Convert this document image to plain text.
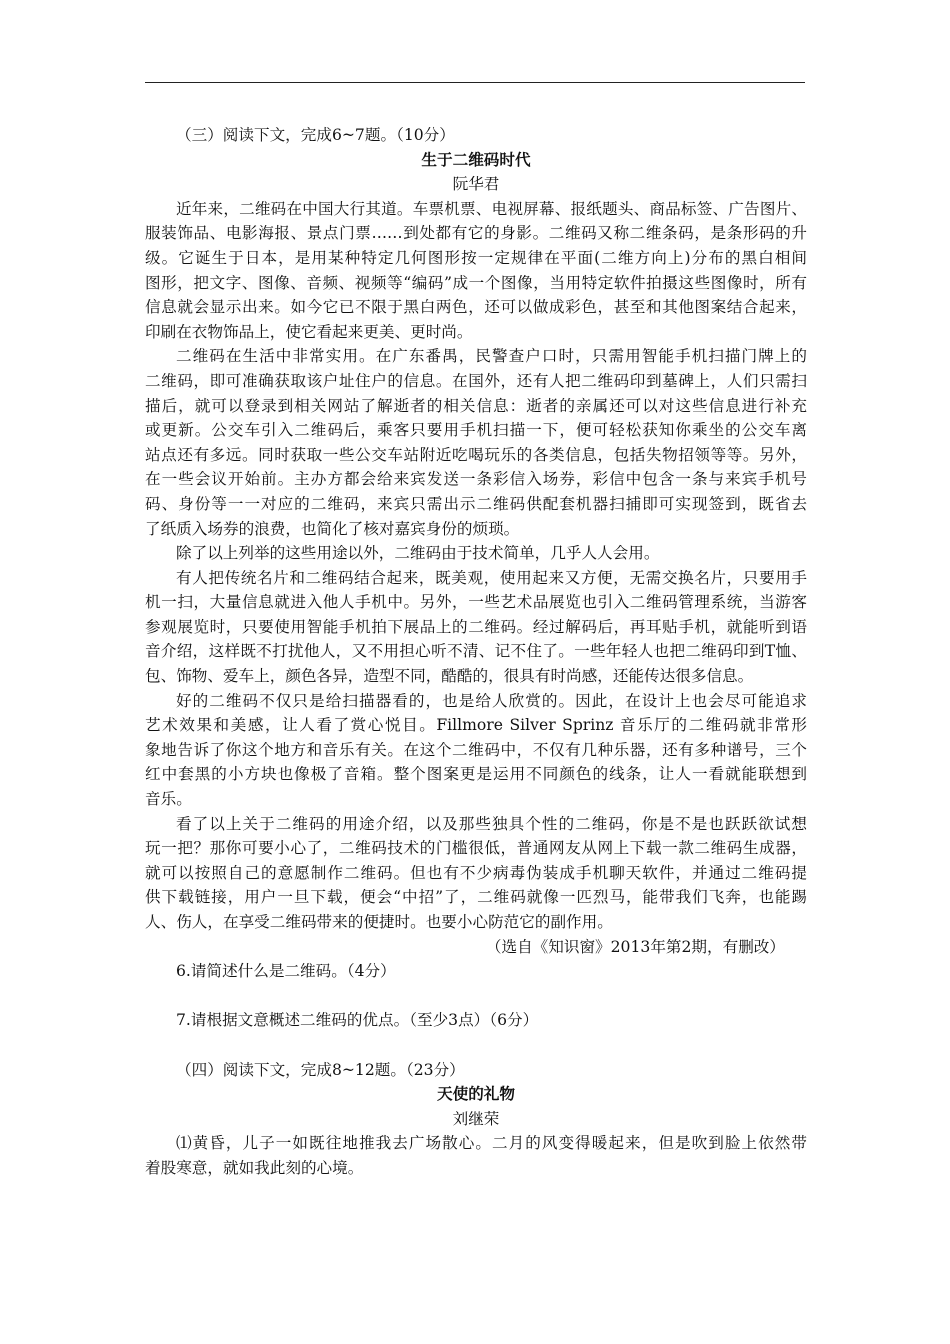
（三）阅读下文，完成6~7题。（10分）
生于二维码时代
阮华君
近年来，二维码在中国大行其道。车票机票、电视屏幕、报纸题头、商品标签、广告图片、
服装饰品、电影海报、景点门票……到处都有它的身影。二维码又称二维条码，是条形码的升
级。它诞生于日本，是用某种特定几何图形按一定规律在平面(二维方向上)分布的黑白相间
图形，把文字、图像、音频、视频等“编码”成一个图像，当用特定软件拍摄这些图像时，所有
信息就会显示出来。如今它已不限于黑白两色，还可以做成彩色，甚至和其他图案结合起来，
印刷在衣物饰品上，使它看起来更美、更时尚。
二维码在生活中非常实用。在广东番禺，民警查户口时，只需用智能手机扫描门牌上的
二维码，即可准确获取该户址住户的信息。在国外，还有人把二维码印到墓碑上，人们只需扫
描后，就可以登录到相关网站了解逝者的相关信息：逝者的亲属还可以对这些信息进行补充
或更新。公交车引入二维码后，乘客只要用手机扫描一下，便可轻松获知你乘坐的公交车离
站点还有多远。同时获取一些公交车站附近吃喝玩乐的各类信息，包括失物招领等等。另外，
在一些会议开始前。主办方都会给来宾发送一条彩信入场券，彩信中包含一条与来宾手机号
码、身份等一一对应的二维码，来宾只需出示二维码供配套机器扫捕即可实现签到，既省去
了纸质入场券的浪费，也简化了核对嘉宾身份的烦琐。
除了以上列举的这些用途以外，二维码由于技术简单，几乎人人会用。
有人把传统名片和二维码结合起来，既美观，使用起来又方便，无需交换名片，只要用手
机一扫，大量信息就进入他人手机中。另外，一些艺术品展览也引入二维码管理系统，当游客
参观展览时，只要使用智能手机拍下展品上的二维码。经过解码后，再耳贴手机，就能听到语
音介绍，这样既不打扰他人，又不用担心听不清、记不住了。一些年轻人也把二维码印到T恤、
包、饰物、爱车上，颜色各异，造型不同，酷酷的，很具有时尚感，还能传达很多信息。
好的二维码不仅只是给扫描器看的，也是给人欣赏的。因此，在设计上也会尽可能追求
艺术效果和美感，让人看了赏心悦目。Fillmore Silver Sprinz 音乐厅的二维码就非常形
象地告诉了你这个地方和音乐有关。在这个二维码中，不仅有几种乐器，还有多种谱号，三个
红中套黑的小方块也像极了音箱。整个图案更是运用不同颜色的线条，让人一看就能联想到
音乐。
看了以上关于二维码的用途介绍，以及那些独具个性的二维码，你是不是也跃跃欲试想
玩一把？那你可要小心了，二维码技术的门槛很低，普通网友从网上下载一款二维码生成器，
就可以按照自己的意愿制作二维码。但也有不少病毒伪装成手机聊天软件，并通过二维码提
供下载链接，用户一旦下载，便会“中招”了，二维码就像一匹烈马，能带我们飞奔，也能踢
人、伤人，在享受二维码带来的便捷时。也要小心防范它的副作用。
（选自《知识窗》2013年第2期，有删改）
6.请简述什么是二维码。（4分）
7.请根据文意概述二维码的优点。（至少3点）（6分）
（四）阅读下文，完成8~12题。（23分）
天使的礼物
刘继荣
⑴黄昏，儿子一如既往地推我去广场散心。二月的风变得暖起来，但是吹到脸上依然带
着股寒意，就如我此刻的心境。
